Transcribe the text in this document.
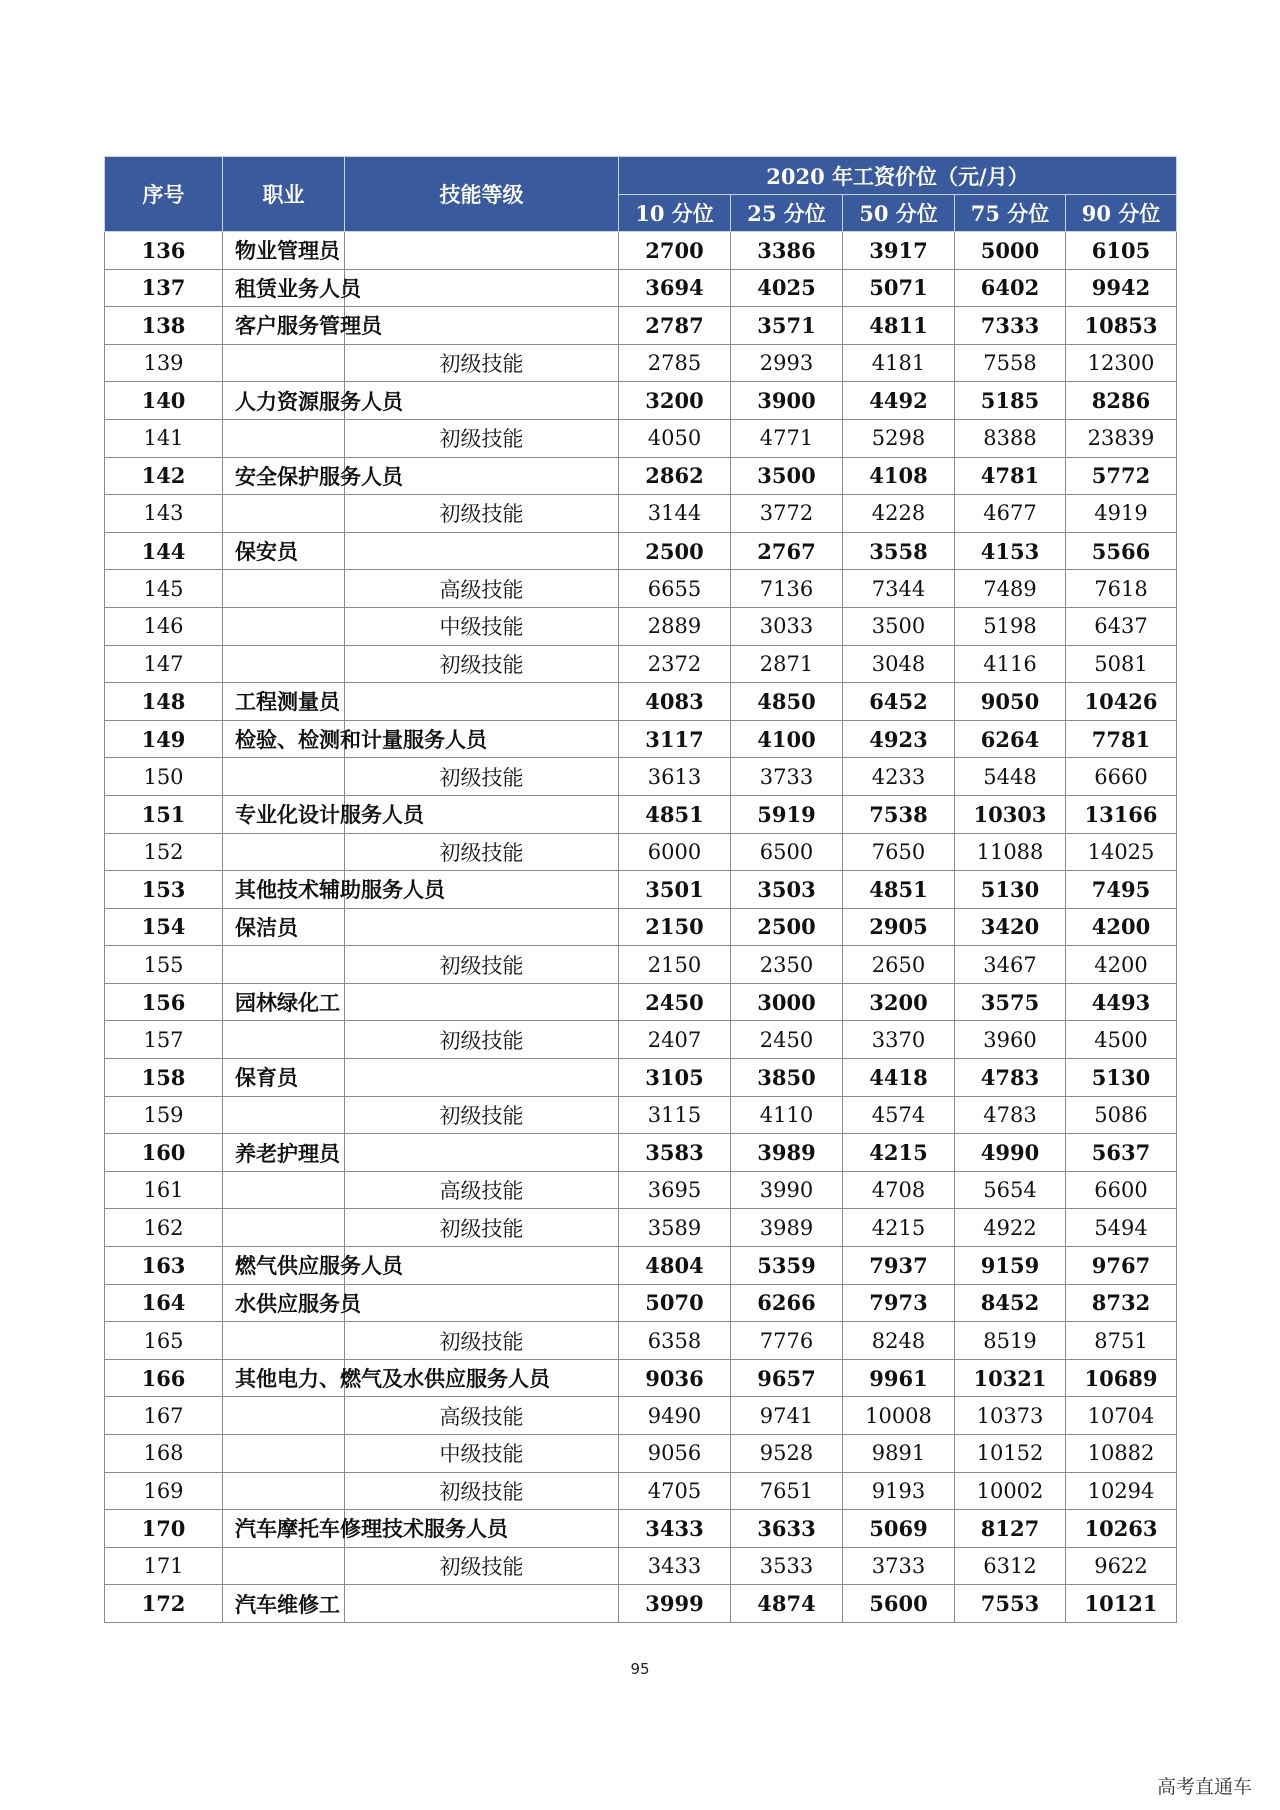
序号	职业	技能等级	2020 年工资价位（元/月）				
			10 分位	25 分位	50 分位	75 分位	90 分位
136	物业管理员		2700	3386	3917	5000	6105
137	租赁业务人员		3694	4025	5071	6402	9942
138	客户服务管理员		2787	3571	4811	7333	10853
139		初级技能	2785	2993	4181	7558	12300
140	人力资源服务人员		3200	3900	4492	5185	8286
141		初级技能	4050	4771	5298	8388	23839
142	安全保护服务人员		2862	3500	4108	4781	5772
143		初级技能	3144	3772	4228	4677	4919
144	保安员		2500	2767	3558	4153	5566
145		高级技能	6655	7136	7344	7489	7618
146		中级技能	2889	3033	3500	5198	6437
147		初级技能	2372	2871	3048	4116	5081
148	工程测量员		4083	4850	6452	9050	10426
149	检验、检测和计量服务人员		3117	4100	4923	6264	7781
150		初级技能	3613	3733	4233	5448	6660
151	专业化设计服务人员		4851	5919	7538	10303	13166
152		初级技能	6000	6500	7650	11088	14025
153	其他技术辅助服务人员		3501	3503	4851	5130	7495
154	保洁员		2150	2500	2905	3420	4200
155		初级技能	2150	2350	2650	3467	4200
156	园林绿化工		2450	3000	3200	3575	4493
157		初级技能	2407	2450	3370	3960	4500
158	保育员		3105	3850	4418	4783	5130
159		初级技能	3115	4110	4574	4783	5086
160	养老护理员		3583	3989	4215	4990	5637
161		高级技能	3695	3990	4708	5654	6600
162		初级技能	3589	3989	4215	4922	5494
163	燃气供应服务人员		4804	5359	7937	9159	9767
164	水供应服务员		5070	6266	7973	8452	8732
165		初级技能	6358	7776	8248	8519	8751
166	其他电力、燃气及水供应服务人员		9036	9657	9961	10321	10689
167		高级技能	9490	9741	10008	10373	10704
168		中级技能	9056	9528	9891	10152	10882
169		初级技能	4705	7651	9193	10002	10294
170	汽车摩托车修理技术服务人员		3433	3633	5069	8127	10263
171		初级技能	3433	3533	3733	6312	9622
172	汽车维修工		3999	4874	5600	7553	10121
95
高考直通车
